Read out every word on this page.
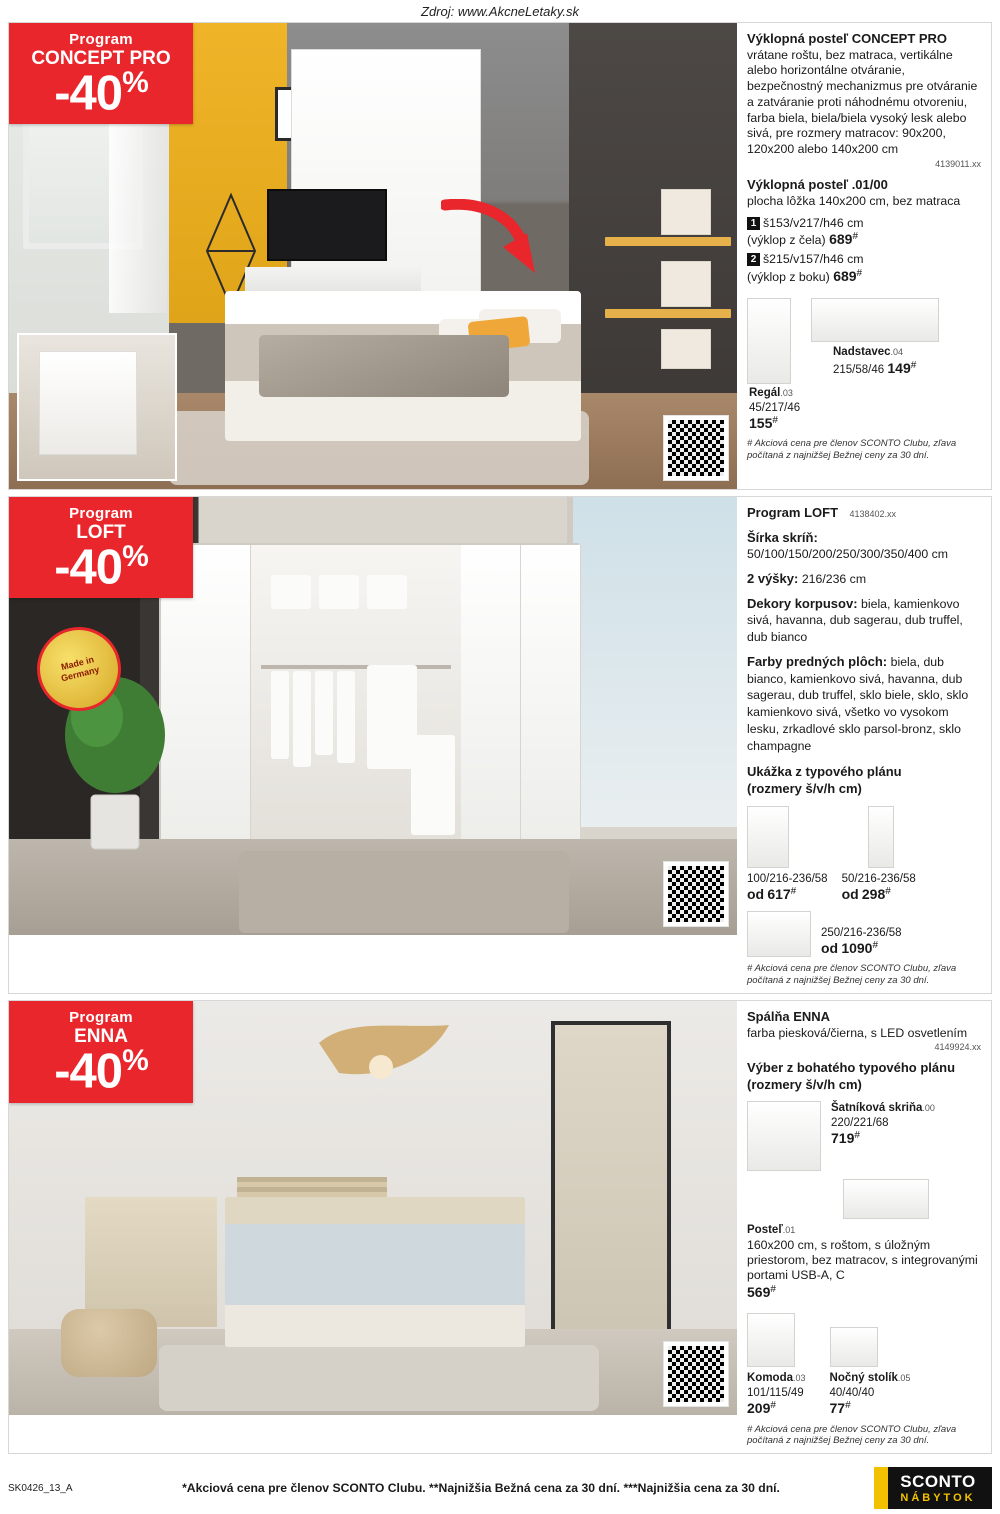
Zdroj: www.AkcneLetaky.sk
Program
CONCEPT PRO
-40%
Výklopná posteľ CONCEPT PRO
vrátane roštu, bez matraca, vertikálne alebo horizontálne otváranie, bezpečnostný mechanizmus pre otváranie a zatváranie proti náhodnému otvoreniu, farba biela, biela/biela vysoký lesk alebo sivá, pre rozmery matracov: 90x200, 120x200 alebo 140x200 cm
4139011.xx
Výklopná posteľ .01/00
plocha lôžka 140x200 cm, bez matraca
1 š153/v217/h46 cm
(výklop z čela) 689#
2 š215/v157/h46 cm
(výklop z boku) 689#
Nadstavec.04
215/58/46 149#
Regál.03
45/217/46
155#
# Akciová cena pre členov SCONTO Clubu, zľava počítaná z najnižšej Bežnej ceny za 30 dní.
Made in Germany
Program
LOFT
-40%
Program LOFT 4138402.xx
Šírka skríň:
50/100/150/200/250/300/350/400 cm
2 výšky: 216/236 cm
Dekory korpusov: biela, kamienkovo sivá, havanna, dub sagerau, dub truffel, dub bianco
Farby predných plôch: biela, dub bianco, kamienkovo sivá, havanna, dub sagerau, dub truffel, sklo biele, sklo, sklo kamienkovo sivá, všetko vo vysokom lesku, zrkadlové sklo parsol-bronz, sklo champagne
Ukážka z typového plánu
(rozmery š/v/h cm)
100/216-236/58
od 617#
50/216-236/58
od 298#
250/216-236/58
od 1090#
# Akciová cena pre členov SCONTO Clubu, zľava počítaná z najnižšej Bežnej ceny za 30 dní.
Program
ENNA
-40%
Spálňa ENNA
farba piesková/čierna, s LED osvetlením
4149924.xx
Výber z bohatého typového plánu (rozmery š/v/h cm)
Šatníková skriňa.00
220/221/68
719#
Posteľ.01
160x200 cm, s roštom, s úložným priestorom, bez matracov, s integrovanými portami USB-A, C
569#
Komoda.03
101/115/49
209#
Nočný stolík.05
40/40/40
77#
# Akciová cena pre členov SCONTO Clubu, zľava počítaná z najnižšej Bežnej ceny za 30 dní.
SK0426_13_A	*Akciová cena pre členov SCONTO Clubu. **Najnižšia Bežná cena za 30 dní. ***Najnižšia cena za 30 dní.	SCONTO
NÁBYTOK
